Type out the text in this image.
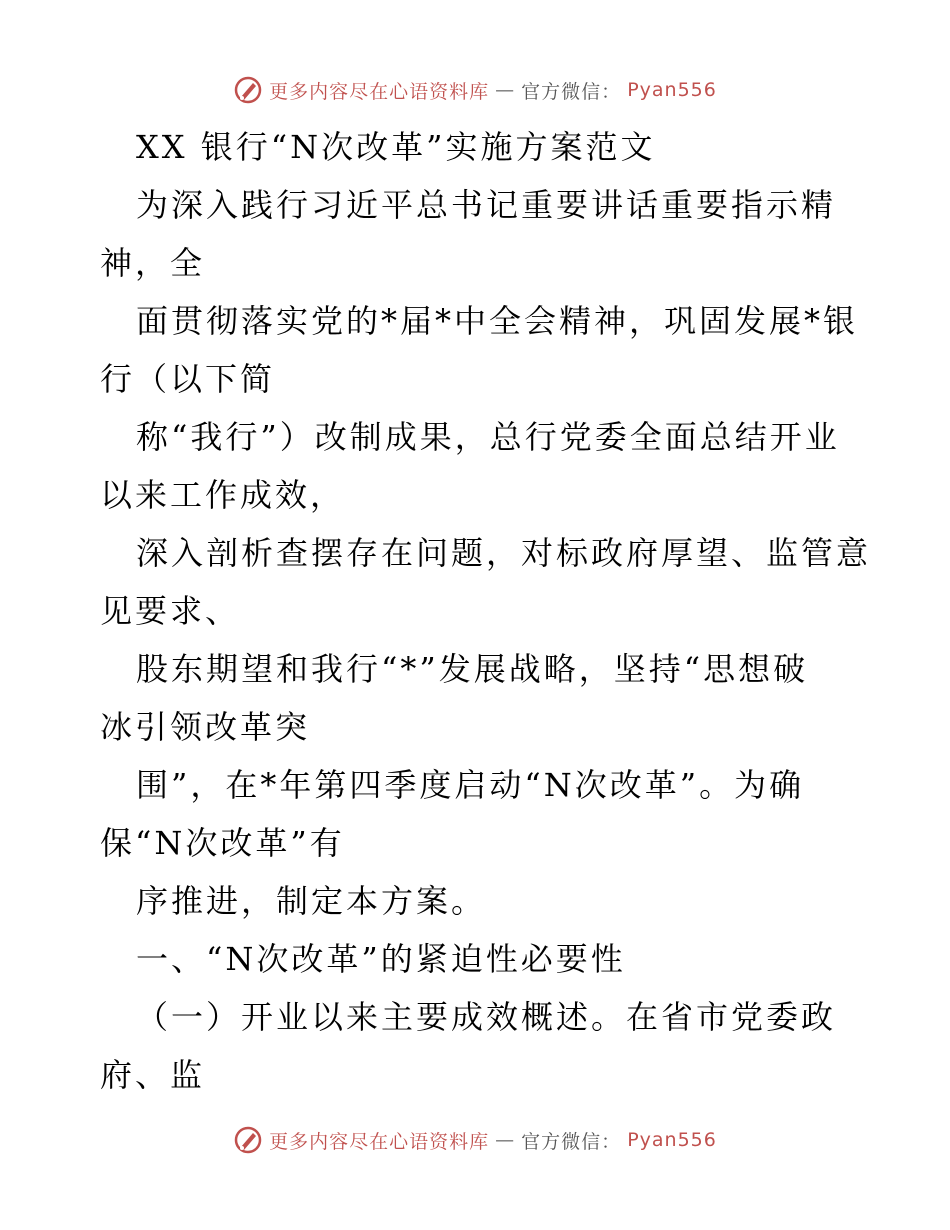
更多内容尽在心语资料库 — 官方微信： Pyan556
XX 银行“N次改革”实施方案范文
为深入践行习近平总书记重要讲话重要指示精
神，全
面贯彻落实党的*届*中全会精神，巩固发展*银
行（以下简
称“我行”）改制成果，总行党委全面总结开业
以来工作成效，
深入剖析查摆存在问题，对标政府厚望、监管意
见要求、
股东期望和我行“*”发展战略，坚持“思想破
冰引领改革突
围”，在*年第四季度启动“N次改革”。为确
保“N次改革”有
序推进，制定本方案。
一、“N次改革”的紧迫性必要性
（一）开业以来主要成效概述。在省市党委政
府、监
更多内容尽在心语资料库 — 官方微信： Pyan556
